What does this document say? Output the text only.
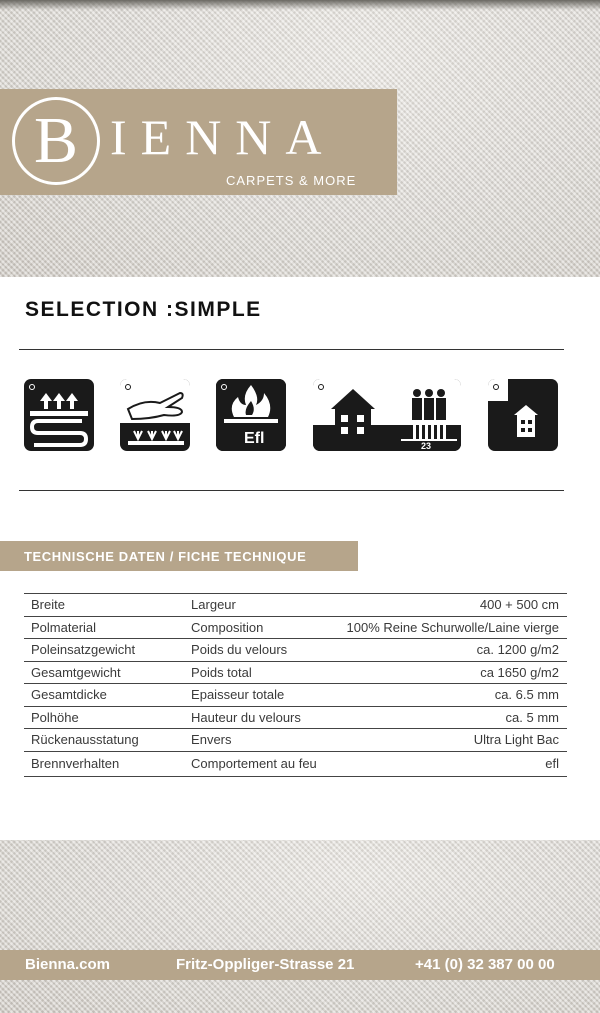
B IENNA
CARPETS & MORE
SELECTION :SIMPLE
Efl	23
TECHNISCHE DATEN / FICHE TECHNIQUE
Breite	Largeur	400 + 500 cm
Polmaterial	Composition	100% Reine Schurwolle/Laine vierge
Poleinsatzgewicht	Poids du velours	ca. 1200 g/m2
Gesamtgewicht	Poids total	ca 1650 g/m2
Gesamtdicke	Epaisseur totale	ca. 6.5 mm
Polhöhe	Hauteur du velours	ca. 5 mm
Rückenausstatung	Envers	Ultra Light Bac
Brennverhalten	Comportement au feu	efl
Bienna.com	Fritz-Oppliger-Strasse 21	+41 (0) 32 387 00 00
